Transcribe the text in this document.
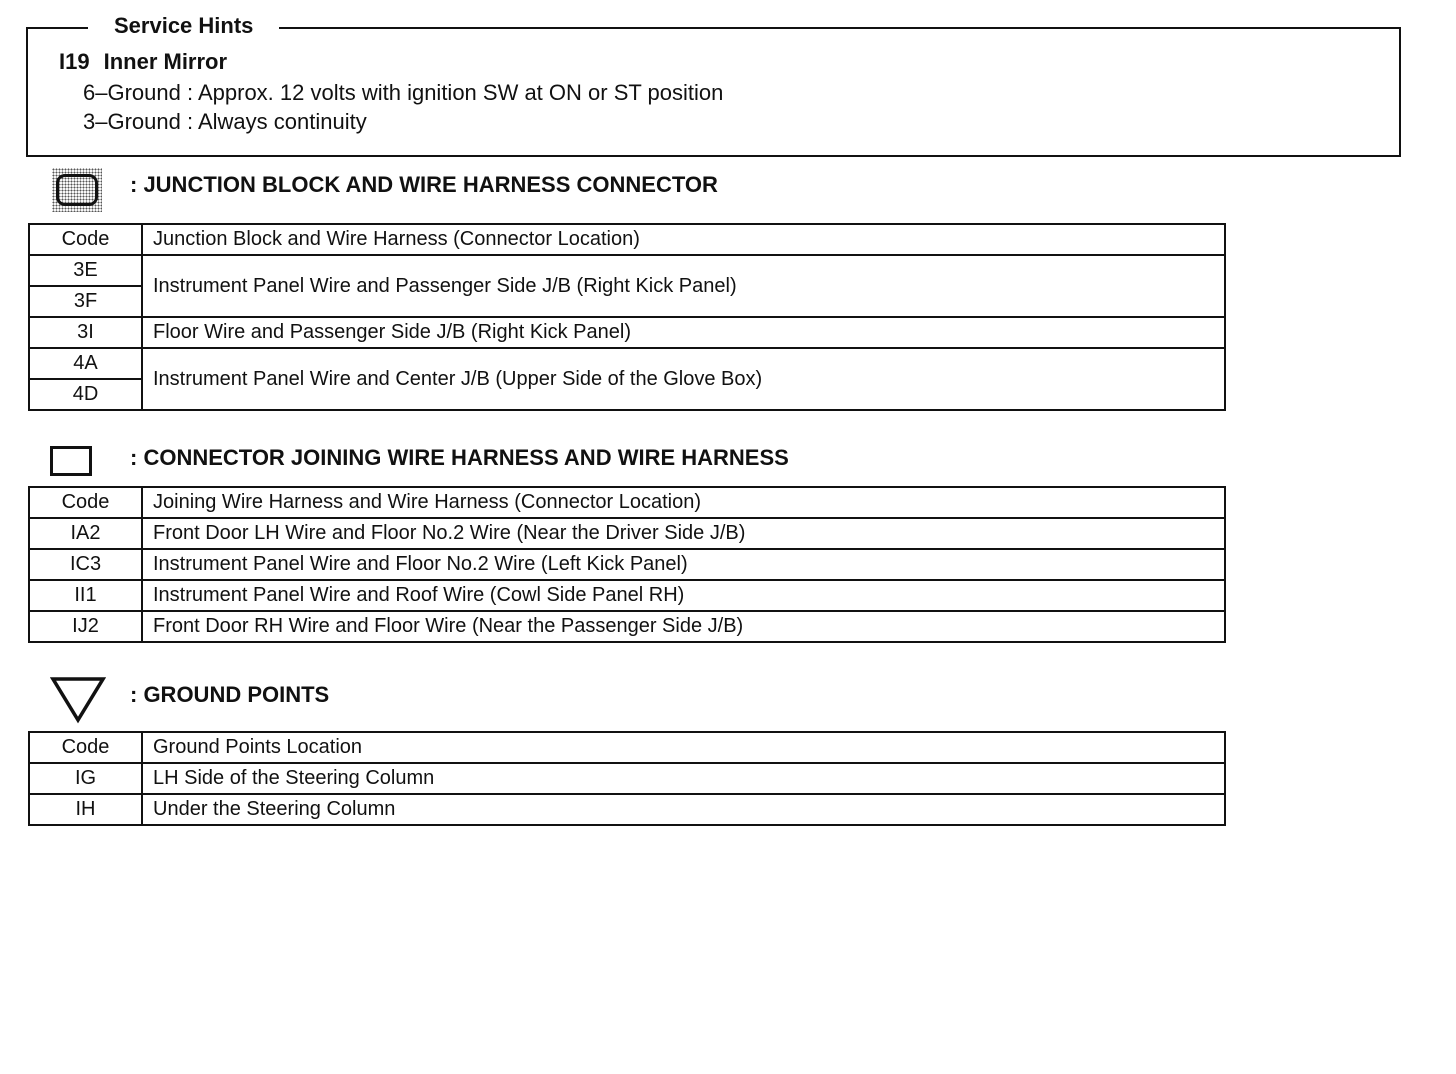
Service Hints
I19 Inner Mirror
6–Ground : Approx. 12 volts with ignition SW at ON or ST position
3–Ground : Always continuity
: JUNCTION BLOCK AND WIRE HARNESS CONNECTOR
Code	Junction Block and Wire Harness (Connector Location)
3E	Instrument Panel Wire and Passenger Side J/B (Right Kick Panel)
3F	
3I	Floor Wire and Passenger Side J/B (Right Kick Panel)
4A	Instrument Panel Wire and Center J/B (Upper Side of the Glove Box)
4D	
: CONNECTOR JOINING WIRE HARNESS AND WIRE HARNESS
Code	Joining Wire Harness and Wire Harness (Connector Location)
IA2	Front Door LH Wire and Floor No.2 Wire (Near the Driver Side J/B)
IC3	Instrument Panel Wire and Floor No.2 Wire (Left Kick Panel)
II1	Instrument Panel Wire and Roof Wire (Cowl Side Panel RH)
IJ2	Front Door RH Wire and Floor Wire (Near the Passenger Side J/B)
: GROUND POINTS
Code	Ground Points Location
IG	LH Side of the Steering Column
IH	Under the Steering Column
